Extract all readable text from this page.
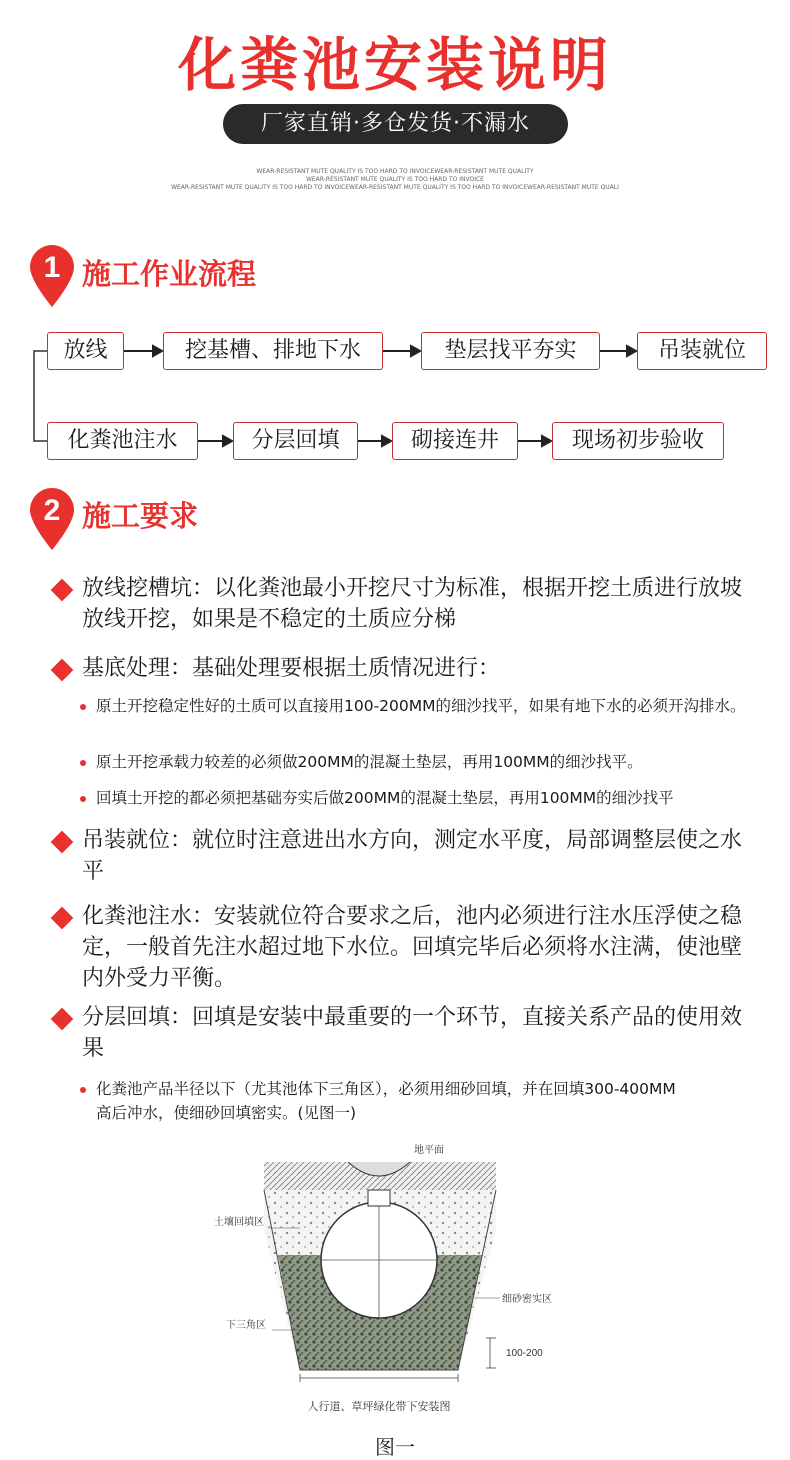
化粪池安装说明
厂家直销·多仓发货·不漏水
WEAR-RESISTANT MUTE QUALITY IS TOO HARD TO INVOICEWEAR-RESISTANT MUTE QUALITY
WEAR-RESISTANT MUTE QUALITY IS TOO HARD TO INVOICE
WEAR-RESISTANT MUTE QUALITY IS TOO HARD TO INVOICEWEAR-RESISTANT MUTE QUALITY IS TOO HARD TO INVOICEWEAR-RESISTANT MUTE QUALI
1 施工作业流程
放线	挖基槽、排地下水	垫层找平夯实	吊装就位
化粪池注水	分层回填	砌接连井	现场初步验收
2 施工要求
放线挖槽坑：以化粪池最小开挖尺寸为标准，根据开挖土质进行放坡放线开挖，如果是不稳定的土质应分梯
基底处理：基础处理要根据土质情况进行：
原土开挖稳定性好的土质可以直接用100-200MM的细沙找平，如果有地下水的必须开沟排水。
原土开挖承载力较差的必须做200MM的混凝土垫层，再用100MM的细沙找平。
回填土开挖的都必须把基础夯实后做200MM的混凝土垫层，再用100MM的细沙找平
吊装就位：就位时注意进出水方向，测定水平度，局部调整层使之水平
化粪池注水：安装就位符合要求之后，池内必须进行注水压浮使之稳定，一般首先注水超过地下水位。回填完毕后必须将水注满，使池壁内外受力平衡。
分层回填：回填是安装中最重要的一个环节，直接关系产品的使用效果
化粪池产品半径以下（尤其池体下三角区），必须用细砂回填，并在回填300-400MM高后冲水，使细砂回填密实。(见图一)
地平面
土壤回填区
下三角区
细砂密实区
100-200
人行道、草坪绿化带下安装图
图一
